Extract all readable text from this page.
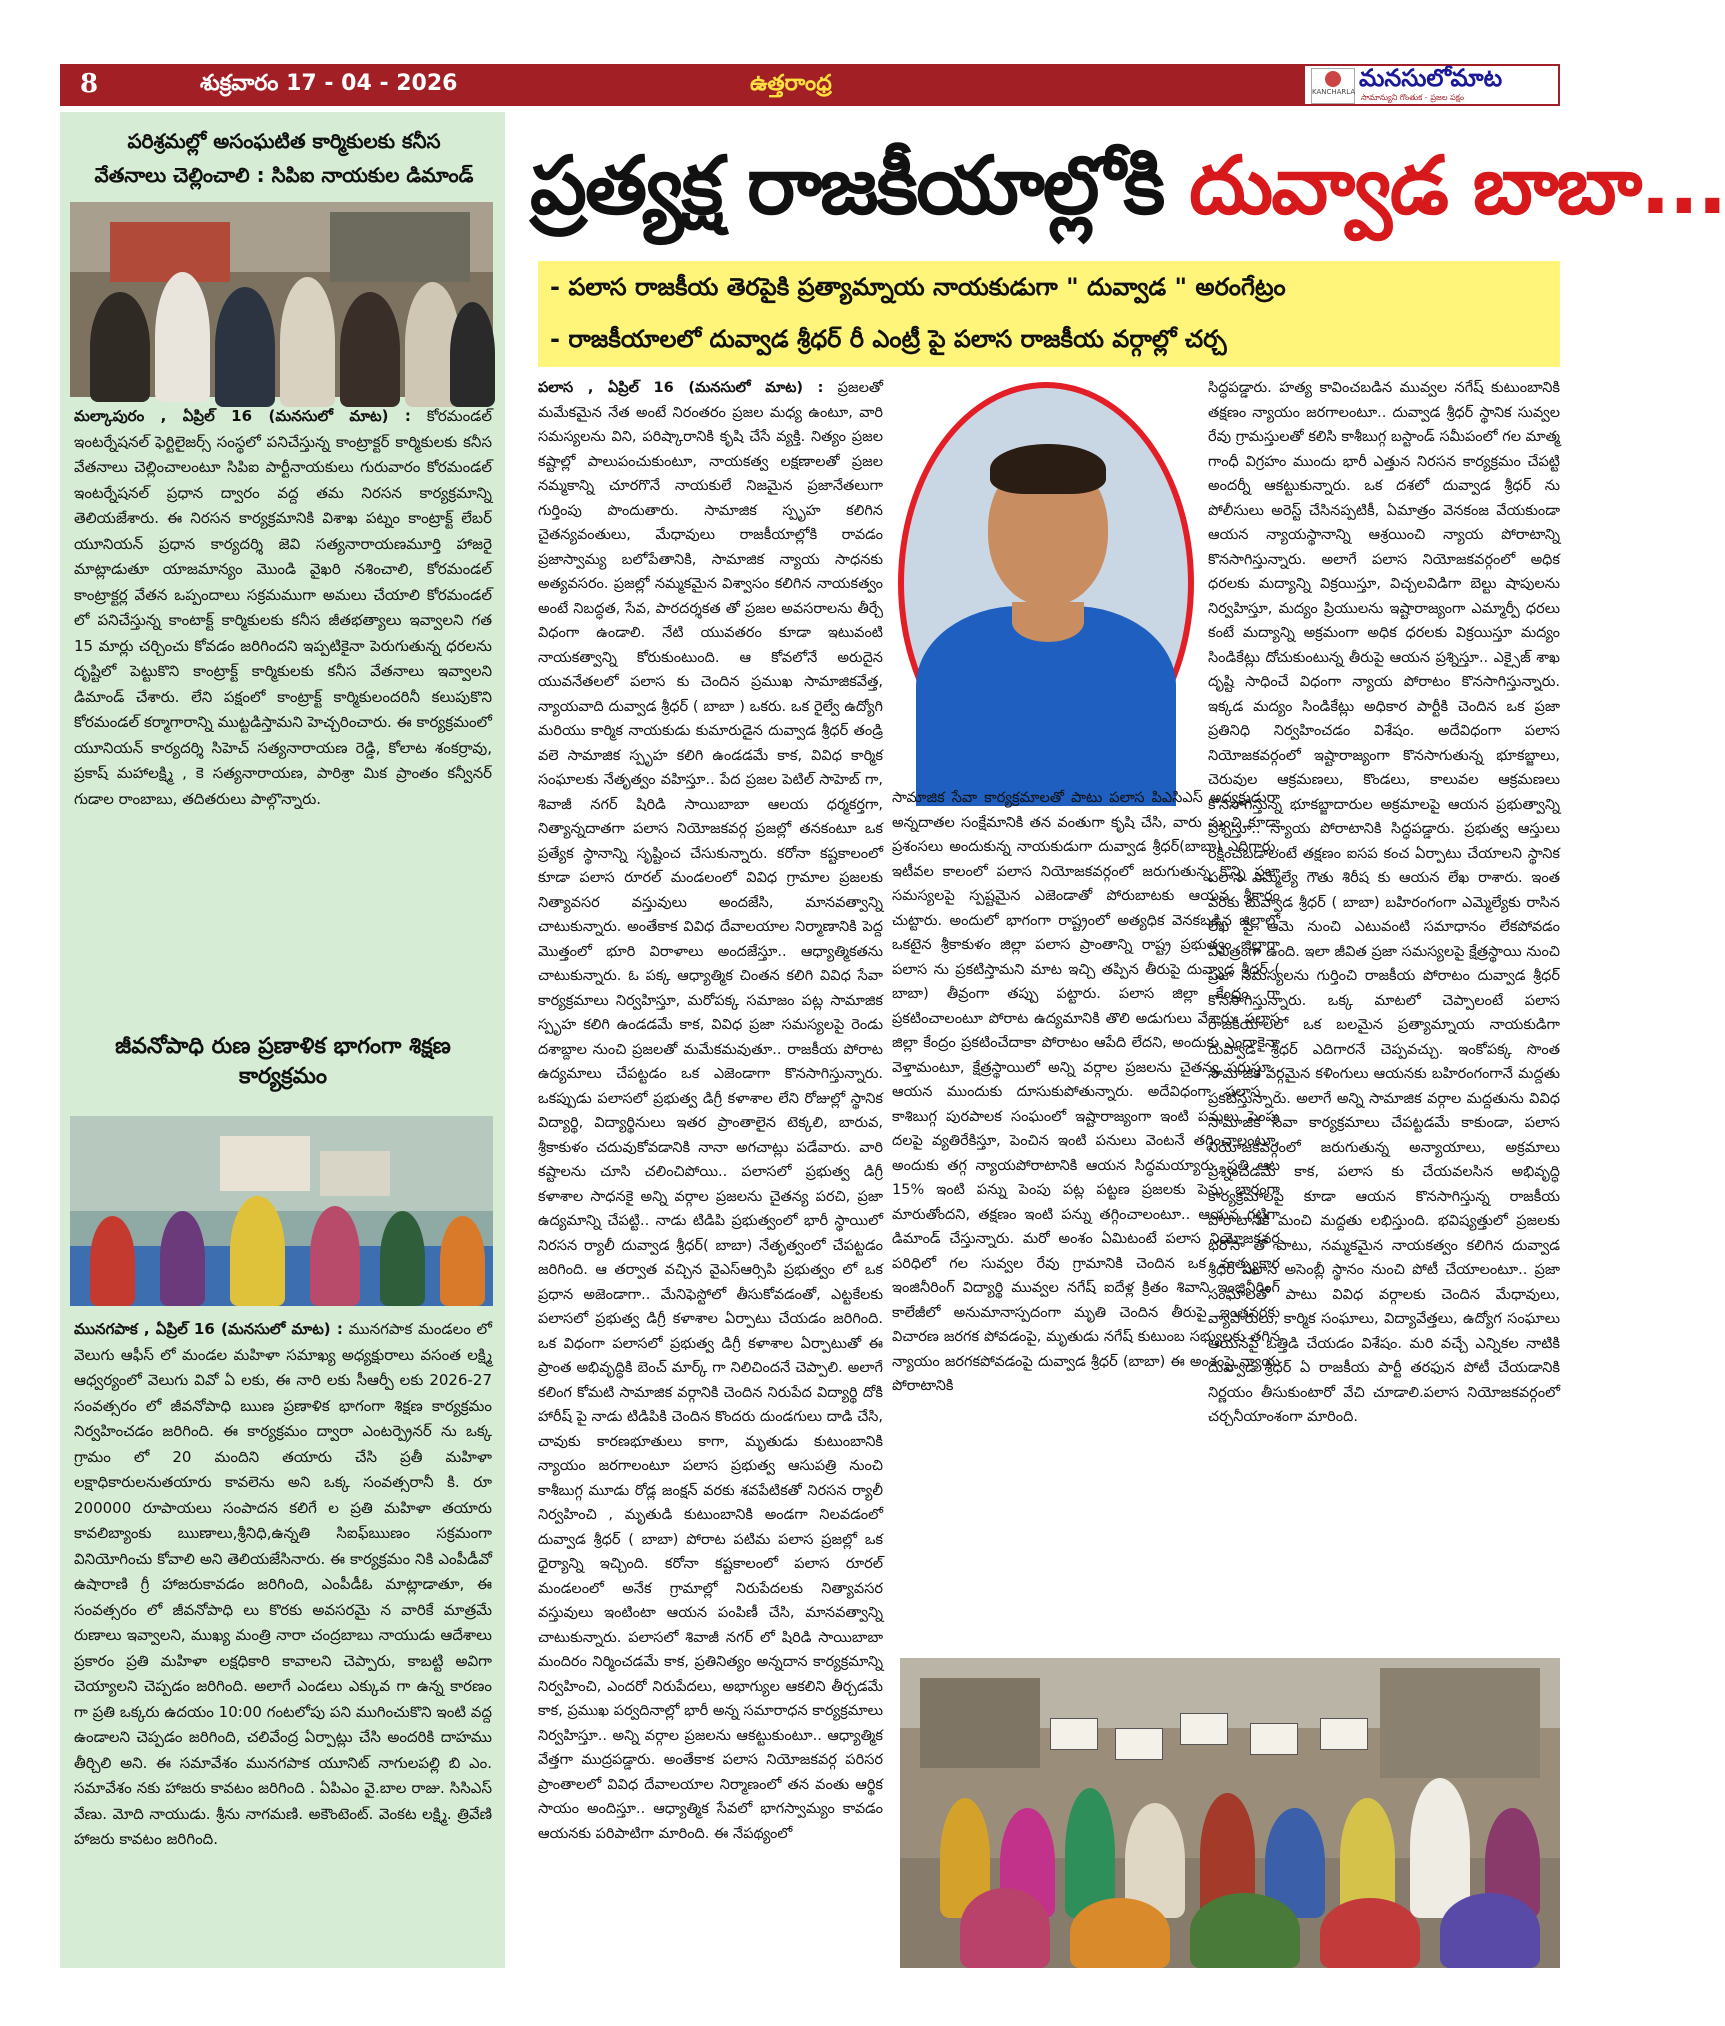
8	శుక్రవారం 17 - 04 - 2026	ఉత్తరాంధ్ర	KANCHARLA మనసులోమాట
సామాన్యుని గొంతుక - ప్రజల పక్షం
పరిశ్రమల్లో అసంఘటిత కార్మికులకు కనీస
వేతనాలు చెల్లించాలి : సిపిఐ నాయకుల డిమాండ్
మల్కాపురం , ఏప్రిల్ 16 (మనసులో మాట) : కోరమండల్ ఇంటర్నేషనల్ ఫెర్టిలైజర్స్ సంస్థలో పనిచేస్తున్న కాంట్రాక్టర్ కార్మికులకు కనీస వేతనాలు చెల్లించాలంటూ సిపిఐ పార్టీనాయకులు గురువారం కోరమండల్ ఇంటర్నేషనల్ ప్రధాన ద్వారం వద్ద తమ నిరసన కార్యక్రమాన్ని తెలియజేశారు. ఈ నిరసన కార్యక్రమానికి విశాఖ పట్నం కాంట్రాక్ట్ లేబర్ యూనియన్ ప్రధాన కార్యదర్శి జెవి సత్యనారాయణమూర్తి హాజరై మాట్లాడుతూ యాజమాన్యం మొండి వైఖరి నశించాలి, కోరమండల్ కాంట్రాక్టర్ల వేతన ఒప్పందాలు సక్రమముగా అమలు చేయాలి కోరమండల్ లో పనిచేస్తున్న కాంటాక్ట్ కార్మికులకు కనీస జీతభత్యాలు ఇవ్వాలని గత 15 మార్లు చర్చించు కోవడం జరిగిందని ఇప్పటికైనా పెరుగుతున్న ధరలను దృష్టిలో పెట్టుకొని కాంట్రాక్ట్ కార్మికులకు కనీస వేతనాలు ఇవ్వాలని డిమాండ్ చేశారు. లేని పక్షంలో కాంట్రాక్ట్ కార్మికులందరినీ కలుపుకొని కోరమండల్ కర్మాగారాన్ని ముట్టడిస్తామని హెచ్చరించారు. ఈ కార్యక్రమంలో యూనియన్ కార్యదర్శి సిహెచ్ సత్యనారాయణ రెడ్డి, కోలాట శంకర్రావు, ప్రకాష్ మహాలక్ష్మి , కె సత్యనారాయణ, పారిశ్రా మిక ప్రాంతం కన్వీనర్ గుడాల రాంబాబు, తదితరులు పాల్గొన్నారు.
జీవనోపాధి రుణ ప్రణాళిక భాగంగా శిక్షణ కార్యక్రమం
మునగపాక , ఏప్రిల్ 16 (మనసులో మాట) : మునగపాక మండలం లో వెలుగు ఆఫీస్ లో మండల మహిళా సమాఖ్య అధ్యక్షురాలు వసంత లక్ష్మి ఆధ్వర్యంలో వెలుగు వివో ఏ లకు, ఈ నారి లకు సీఆర్పీ లకు 2026-27 సంవత్సరం లో జీవనోపాధి ఋణ ప్రణాళిక భాగంగా శిక్షణ కార్యక్రమం నిర్వహించడం జరిగింది. ఈ కార్యక్రమం ద్వారా ఎంటర్ప్రెనర్ ను ఒక్క గ్రామం లో 20 మందిని తయారు చేసి ప్రతీ మహిళా లక్షాధికారులనుతయారు కావలెను అని ఒక్క సంవత్సరానీ కి. రూ 200000 రూపాయలు సంపాదన కలిగే ల ప్రతి మహిళా తయారు కావలిబ్యాంకు ఋణాలు,శ్రీనిధి,ఉన్నతి సిఐఫ్ఋణం సక్రమంగా వినియోగించు కోవాలి అని తెలియజేసినారు. ఈ కార్యక్రమం నికి ఎంపీడీవో ఉషారాణి గ్రీ హాజరుకావడం జరిగింది, ఎంపీడీఓ మాట్లాడాతూ, ఈ సంవత్సరం లో జీవనోపాధి లు కొరకు అవసరమై న వారికే మాత్రమే రుణాలు ఇవ్వాలని, ముఖ్య మంత్రి నారా చంద్రబాబు నాయుడు ఆదేశాలు ప్రకారం ప్రతి మహిళా లక్షధికారి కావాలని చెప్పారు, కాబట్టి అవిగా చెయ్యాలని చెప్పడం జరిగింది. అలాగే ఎండలు ఎక్కువ గా ఉన్న కారణం గా ప్రతి ఒక్కరు ఉదయం 10:00 గంటలోపు పని ముగించుకొని ఇంటి వద్ద ఉండాలని చెప్పడం జరిగింది, చలివేంద్ర ఏర్పాట్లు చేసి అందరికి దాహము తీర్చిలి అని. ఈ సమావేశం మునగపాక యూనిట్ నాగులపల్లి బి ఎం. సమావేశం నకు హాజరు కావటం జరిగింది . ఏపిఎం వై.బాల రాజు. సిసిఎస్ వేణు. మోది నాయుడు. శ్రీను నాగమణి. అకౌంటెంట్. వెంకట లక్ష్మి. త్రివేణి హాజరు కావటం జరిగింది.
ప్రత్యక్ష రాజకీయాల్లోకి దువ్వాడ బాబా...
- పలాస రాజకీయ తెరపైకి ప్రత్యామ్నాయ నాయకుడుగా " దువ్వాడ " అరంగేట్రం
- రాజకీయాలలో దువ్వాడ శ్రీధర్ రీ ఎంట్రీ పై పలాస రాజకీయ వర్గాల్లో చర్చ
పలాస , ఏప్రిల్ 16 (మనసులో మాట) : ప్రజలతో మమేకమైన నేత అంటే నిరంతరం ప్రజల మధ్య ఉంటూ, వారి సమస్యలను విని, పరిష్కారానికి కృషి చేసే వ్యక్తి. నిత్యం ప్రజల కష్టాల్లో పాలుపంచుకుంటూ, నాయకత్వ లక్షణాలతో ప్రజల నమ్మకాన్ని చూరగొనే నాయకులే నిజమైన ప్రజానేతలుగా గుర్తింపు పొందుతారు. సామాజిక స్పృహ కలిగిన చైతన్యవంతులు, మేధావులు రాజకీయాల్లోకి రావడం ప్రజాస్వామ్య బలోపేతానికి, సామాజిక న్యాయ సాధనకు అత్యవసరం. ప్రజల్లో నమ్మకమైన విశ్వాసం కలిగిన నాయకత్వం అంటే నిబద్ధత, సేవ, పారదర్శకత తో ప్రజల అవసరాలను తీర్చే విధంగా ఉండాలి. నేటి యువతరం కూడా ఇటువంటి నాయకత్వాన్ని కోరుకుంటుంది. ఆ కోవలోనే అరుదైన యువనేతలలో పలాస కు చెందిన ప్రముఖ సామాజికవేత్త, న్యాయవాది దువ్వాడ శ్రీధర్ ( బాబా ) ఒకరు. ఒక రైల్వే ఉద్యోగి మరియు కార్మిక నాయకుడు కుమారుడైన దువ్వాడ శ్రీధర్ తండ్రి వలె సామాజిక స్పృహ కలిగి ఉండడమే కాక, వివిధ కార్మిక సంఘాలకు నేతృత్వం వహిస్తూ.. పేద ప్రజల పెటిల్ సాహెబ్ గా, శివాజీ నగర్ షిరిడి సాయిబాబా ఆలయ ధర్మకర్తగా, నిత్యాన్నదాతగా పలాస నియోజకవర్గ ప్రజల్లో తనకంటూ ఒక ప్రత్యేక స్థానాన్ని సృష్టించ చేసుకున్నారు. కరోనా కష్టకాలంలో కూడా పలాస రూరల్ మండలంలో వివిధ గ్రామాల ప్రజలకు నిత్యావసర వస్తువులు అందజేసి, మానవత్వాన్ని చాటుకున్నారు. అంతేకాక వివిధ దేవాలయాల నిర్మాణానికి పెద్ద మొత్తంలో భూరి విరాళాలు అందజేస్తూ.. ఆధ్యాత్మికతను చాటుకున్నారు. ఓ పక్క ఆధ్యాత్మిక చింతన కలిగి వివిధ సేవా కార్యక్రమాలు నిర్వహిస్తూ, మరోపక్క సమాజం పట్ల సామాజిక స్పృహ కలిగి ఉండడమే కాక, వివిధ ప్రజా సమస్యలపై రెండు దశాబ్దాల నుంచి ప్రజలతో మమేకమవుతూ.. రాజకీయ పోరాట ఉద్యమాలు చేపట్టడం ఒక ఎజెండాగా కొనసాగిస్తున్నారు. ఒకప్పుడు పలాసలో ప్రభుత్వ డిగ్రీ కళాశాల లేని రోజుల్లో స్థానిక విద్యార్థి, విద్యార్థినులు ఇతర ప్రాంతాలైన టెక్కలి, బారువ, శ్రీకాకుళం చదువుకోవడానికి నానా అగచాట్లు పడేవారు. వారి కష్టాలను చూసి చలించిపోయి.. పలాసలో ప్రభుత్వ డిగ్రీ కళాశాల సాధనకై అన్ని వర్గాల ప్రజలను చైతన్య పరచి, ప్రజా ఉద్యమాన్ని చేపట్టి.. నాడు టిడిపి ప్రభుత్వంలో భారీ స్థాయిలో నిరసన ర్యాలీ దువ్వాడ శ్రీధర్( బాబా) నేతృత్వంలో చేపట్టడం జరిగింది. ఆ తర్వాత వచ్చిన వైఎస్ఆర్సిపి ప్రభుత్వం లో ఒక ప్రధాన అజెండాగా.. మేనిఫెస్టోలో తీసుకోవడంతో, ఎట్టకేలకు పలాసలో ప్రభుత్వ డిగ్రీ కళాశాల ఏర్పాటు చేయడం జరిగింది. ఒక విధంగా పలాసలో ప్రభుత్వ డిగ్రీ కళాశాల ఏర్పాటుతో ఈ ప్రాంత అభివృద్ధికి బెంచ్ మార్క్ గా నిలిచిందనే చెప్పాలి. అలాగే కలింగ కోమటి సామాజిక వర్గానికి చెందిన నిరుపేద విద్యార్థి దోకి హారీష్ పై నాడు టిడిపికి చెందిన కొందరు దుండగులు దాడి చేసి, చావుకు కారణభూతులు కాగా, మృతుడు కుటుంబానికి న్యాయం జరగాలంటూ పలాస ప్రభుత్వ ఆసుపత్రి నుంచి కాశీబుగ్గ మూడు రోడ్ల జంక్షన్ వరకు శవపేటికతో నిరసన ర్యాలీ నిర్వహించి , మృతుడి కుటుంబానికి అండగా నిలవడంలో దువ్వాడ శ్రీధర్ ( బాబా) పోరాట పటిమ పలాస ప్రజల్లో ఒక ధైర్యాన్ని ఇచ్చింది. కరోనా కష్టకాలంలో పలాస రూరల్ మండలంలో అనేక గ్రామాల్లో నిరుపేదలకు నిత్యావసర వస్తువులు ఇంటింటా ఆయన పంపిణీ చేసి, మానవత్వాన్ని చాటుకున్నారు. పలాసలో శివాజీ నగర్ లో షిరిడి సాయిబాబా మందిరం నిర్మించడమే కాక, ప్రతినిత్యం అన్నదాన కార్యక్రమాన్ని నిర్వహించి, ఎందరో నిరుపేదలు, అభాగ్యుల ఆకలిని తీర్చడమే కాక, ప్రముఖ పర్వదినాల్లో భారీ అన్న సమారాధన కార్యక్రమాలు నిర్వహిస్తూ.. అన్ని వర్గాల ప్రజలను ఆకట్టుకుంటూ.. ఆధ్యాత్మిక వేత్తగా ముద్రపడ్డారు. అంతేకాక పలాస నియోజకవర్గ పరిసర ప్రాంతాలలో వివిధ దేవాలయాల నిర్మాణంలో తన వంతు ఆర్థిక సాయం అందిస్తూ.. ఆధ్యాత్మిక సేవలో భాగస్వామ్యం కావడం ఆయనకు పరిపాటిగా మారింది. ఈ నేపథ్యంలో
సామాజిక సేవా కార్యక్రమాలతో పాటు పలాస పిఎసిఎస్ అధ్యక్షుడుగా అన్నదాతల సంక్షేమానికి తన వంతుగా కృషి చేసి, వారు నుంచి కూడా ప్రశంసలు అందుకున్న నాయకుడుగా దువ్వాడ శ్రీధర్(బాబా) ఎదిగారు. ఇటీవల కాలంలో పలాస నియోజకవర్గంలో జరుగుతున్న కొన్ని ప్రజా సమస్యలపై స్పష్టమైన ఎజెండాతో పోరుబాటకు ఆయన శ్రీకారం చుట్టారు. అందులో భాగంగా రాష్ట్రంలో అత్యధిక వెనకబడిన జిల్లాలో ఒకటైన శ్రీకాకుళం జిల్లా పలాస ప్రాంతాన్ని రాష్ట్ర ప్రభుత్వం జిల్లాగా పలాస ను ప్రకటిస్తామని మాట ఇచ్చి తప్పిన తీరుపై దువ్వాడ శ్రీధర్ ( బాబా) తీవ్రంగా తప్పు పట్టారు. పలాస జిల్లా కేంద్రం గా ప్రకటించాలంటూ పోరాట ఉద్యమానికి తొలి అడుగులు వేశారు. పలాస జిల్లా కేంద్రం ప్రకటించేదాకా పోరాటం ఆపేది లేదని, అందుకు ఎందాకైనా వెళ్తామంటూ, క్షేత్రస్థాయిలో అన్ని వర్గాల ప్రజలను చైతన్య పరుస్తూ.. ఆయన ముందుకు దూసుకుపోతున్నారు. అదేవిధంగా పలాస - కాశిబుగ్గ పురపాలక సంఘంలో ఇష్టారాజ్యంగా ఇంటి పనులు పెంపు దలపై వ్యతిరేకిస్తూ, పెంచిన ఇంటి పనులు వెంటనే తగ్గించాలంటూ, అందుకు తగ్గ న్యాయపోరాటానికి ఆయన సిద్ధమయ్యారు. ప్రతి ఆట 15% ఇంటి పన్ను పెంపు పట్ల పట్టణ ప్రజలకు పెను భారంగా మారుతోందని, తక్షణం ఇంటి పన్ను తగ్గించాలంటూ.. ఆయన గట్టిగా డిమాండ్ చేస్తున్నారు. మరో అంశం ఏమిటంటే పలాస నియోజకవర్గ పరిధిలో గల సువ్వల రేవు గ్రామానికి చెందిన ఒక మత్స్యకార ఇంజినీరింగ్ విద్యార్థి మువ్వల నగేష్ ఐదేళ్ల క్రితం శివాని ఇంజినీరింగ్ కాలేజీలో అనుమానాస్పదంగా మృతి చెందిన తీరుపై ఇంతవరకు విచారణ జరగక పోవడంపై, మృతుడు నగేష్ కుటుంబ సభ్యులకు తగిన న్యాయం జరగకపోవడంపై దువ్వాడ శ్రీధర్ (బాబా) ఈ అంశంపై న్యాయ పోరాటానికి
సిద్ధపడ్డారు. హత్య కావించబడిన మువ్వల నగేష్ కుటుంబానికి తక్షణం న్యాయం జరగాలంటూ.. దువ్వాడ శ్రీధర్ స్థానిక సువ్వల రేవు గ్రామస్తులతో కలిసి కాశీబుగ్గ బస్టాండ్ సమీపంలో గల మాత్మ గాంధీ విగ్రహం ముందు భారీ ఎత్తున నిరసన కార్యక్రమం చేపట్టి అందర్నీ ఆకట్టుకున్నారు. ఒక దశలో దువ్వాడ శ్రీధర్ ను పోలీసులు అరెస్ట్ చేసినప్పటికీ, ఏమాత్రం వెనకంజ వేయకుండా ఆయన న్యాయస్థానాన్ని ఆశ్రయించి న్యాయ పోరాటాన్ని కొనసాగిస్తున్నారు. అలాగే పలాస నియోజకవర్గంలో అధిక ధరలకు మద్యాన్ని విక్రయిస్తూ, విచ్చలవిడిగా బెల్టు షాపులను నిర్వహిస్తూ, మద్యం ప్రియులను ఇష్టారాజ్యంగా ఎమ్మార్పీ ధరలు కంటే మద్యాన్ని అక్రమంగా అధిక ధరలకు విక్రయిస్తూ మద్యం సిండికేట్లు దోచుకుంటున్న తీరుపై ఆయన ప్రశ్నిస్తూ.. ఎక్సైజ్ శాఖ దృష్టి సాధించే విధంగా న్యాయ పోరాటం కొనసాగిస్తున్నారు. ఇక్కడ మద్యం సిండికేట్లు అధికార పార్టీకి చెందిన ఒక ప్రజా ప్రతినిధి నిర్వహించడం విశేషం. అదేవిధంగా పలాస నియోజకవర్గంలో ఇష్టారాజ్యంగా కొనసాగుతున్న భూకబ్జాలు, చెరువుల ఆక్రమణలు, కొండలు, కాలువల ఆక్రమణలు కొనసాగిస్తున్న భూకబ్జాదారుల అక్రమాలపై ఆయన ప్రభుత్వాన్ని ప్రశ్నిస్తూ.. న్యాయ పోరాటానికి సిద్ధపడ్డారు. ప్రభుత్వ ఆస్తులు రక్షించబడాలంటే తక్షణం ఐసప కంచ ఏర్పాటు చేయాలని స్థానిక పలాస ఎమ్మెల్యే గౌతు శిరీష కు ఆయన లేఖ రాశారు. ఇంత వరకు దువ్వాడ శ్రీధర్ ( బాబా) బహిరంగంగా ఎమ్మెల్యేకు రాసిన లేఖ పై ఆమె నుంచి ఎటువంటి సమాధానం లేకపోవడం విచిత్రంగా ఉంది. ఇలా జీవిత ప్రజా సమస్యలపై క్షేత్రస్థాయి నుంచి ప్రజా సమస్యలను గుర్తించి రాజకీయ పోరాటం దువ్వాడ శ్రీధర్ కొనసాగిస్తున్నారు. ఒక్క మాటలో చెప్పాలంటే పలాస రాజకీయాలలో ఒక బలమైన ప్రత్యామ్నాయ నాయకుడిగా దువ్వాడ శ్రీధర్ ఎదిగారనే చెప్పవచ్చు. ఇంకోపక్క సొంత సామాజిక వర్గమైన కళింగులు ఆయనకు బహిరంగంగానే మద్దతు ప్రకటిస్తున్నారు. అలాగే అన్ని సామాజిక వర్గాల మద్దతును వివిధ సామాజిక సేవా కార్యక్రమాలు చేపట్టడమే కాకుండా, పలాస నియోజకవర్గంలో జరుగుతున్న అన్యాయాలు, అక్రమాలు ప్రశ్నించడమే కాక, పలాస కు చేయవలసిన అభివృద్ధి కార్యక్రమాలపై కూడా ఆయన కొనసాగిస్తున్న రాజకీయ పోరాటానికి మంచి మద్దతు లభిస్తుంది. భవిష్యత్తులో ప్రజలకు భరోసా తో పాటు, నమ్మకమైన నాయకత్వం కలిగిన దువ్వాడ శ్రీధర్ పలాస అసెంబ్లీ స్థానం నుంచి పోటీ చేయాలంటూ.. ప్రజా సంఘాలతో పాటు వివిధ వర్గాలకు చెందిన మేధావులు, వ్యాపారులు, కార్మిక సంఘాలు, విద్యావేత్తలు, ఉద్యోగ సంఘాలు ఆయనపై ఒత్తిడి చేయడం విశేషం. మరి వచ్చే ఎన్నికల నాటికి దువ్వాడ శ్రీధర్ ఏ రాజకీయ పార్టీ తరఫున పోటీ చేయడానికి నిర్ణయం తీసుకుంటారో వేచి చూడాలి.పలాస నియోజకవర్గంలో చర్చనీయాంశంగా మారింది.
